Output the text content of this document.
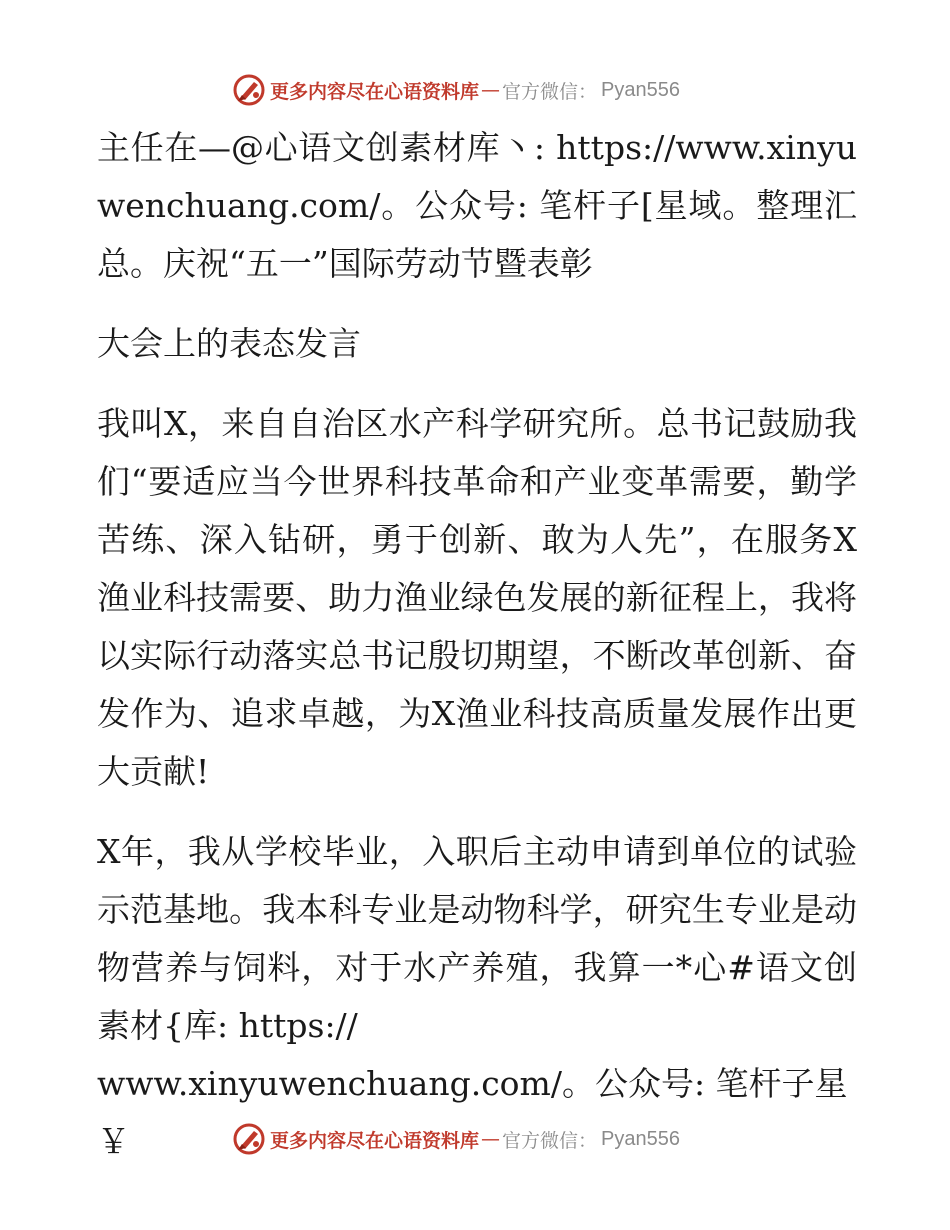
更多内容尽在心语资料库 — 官方微信： Pyan556

主任在—@心语文创素材库丶: https://www.xinyuwenchuang.com/。公众号: 笔杆子[星域。整理汇总。庆祝“五一”国际劳动节暨表彰

大会上的表态发言

我叫X，来自自治区水产科学研究所。总书记鼓励我们“要适应当今世界科技革命和产业变革需要，勤学苦练、深入钻研，勇于创新、敢为人先”，在服务X渔业科技需要、助力渔业绿色发展的新征程上，我将以实际行动落实总书记殷切期望，不断改革创新、奋发作为、追求卓越，为X渔业科技高质量发展作出更大贡献!

X年，我从学校毕业，入职后主动申请到单位的试验示范基地。我本科专业是动物科学，研究生专业是动物营养与饲料，对于水产养殖，我算一*心#语文创素材{库: https://

www.xinyuwenchuang.com/。公众号: 笔杆子星￥	更多内容尽在心语资料库 — 官方微信： Pyan556
